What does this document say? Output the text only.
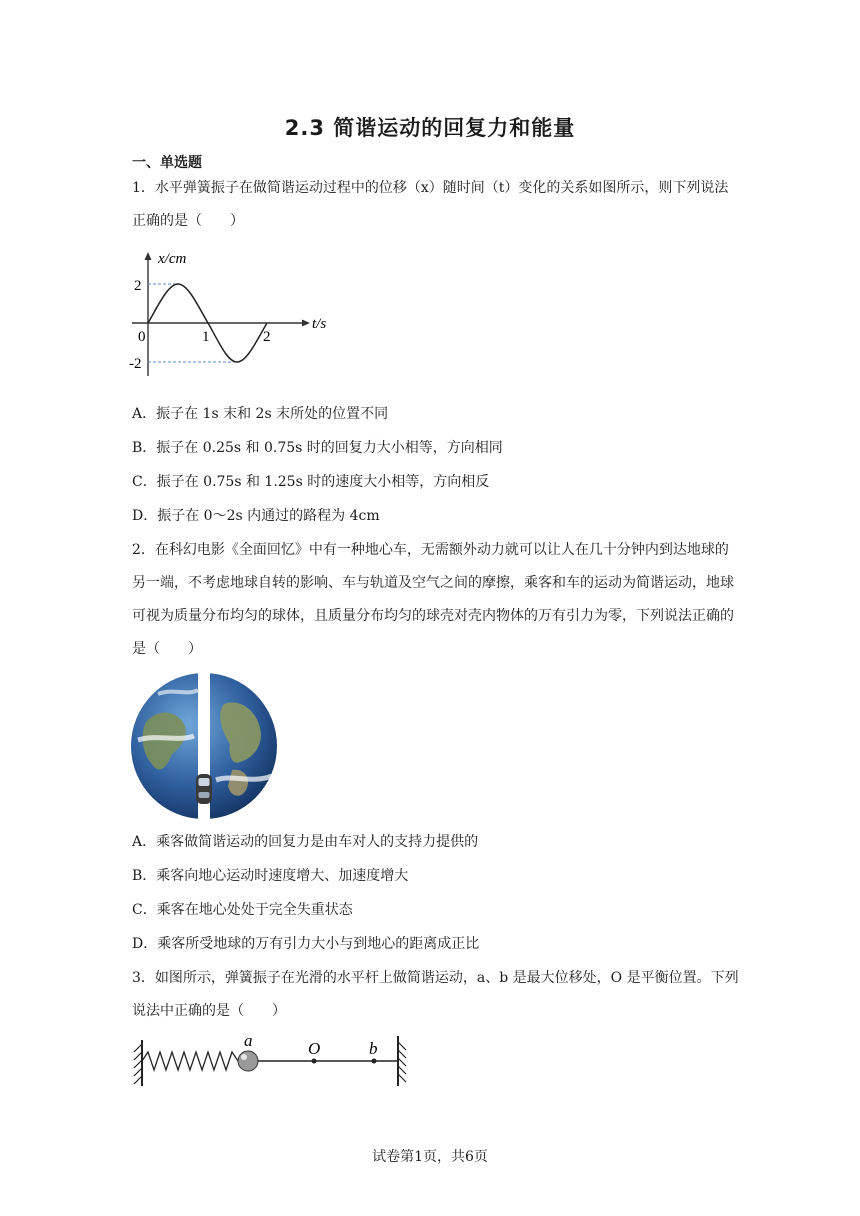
2.3 简谐运动的回复力和能量
一、单选题
1．水平弹簧振子在做简谐运动过程中的位移（x）随时间（t）变化的关系如图所示，则下列说法正确的是（　　）
x/cm
2
-2
0	1	2
t/s
A．振子在 1s 末和 2s 末所处的位置不同
B．振子在 0.25s 和 0.75s 时的回复力大小相等，方向相同
C．振子在 0.75s 和 1.25s 时的速度大小相等，方向相反
D．振子在 0～2s 内通过的路程为 4cm
2．在科幻电影《全面回忆》中有一种地心车，无需额外动力就可以让人在几十分钟内到达地球的另一端，不考虑地球自转的影响、车与轨道及空气之间的摩擦，乘客和车的运动为简谐运动，地球可视为质量分布均匀的球体，且质量分布均匀的球壳对壳内物体的万有引力为零，下列说法正确的是（　　）
A．乘客做简谐运动的回复力是由车对人的支持力提供的
B．乘客向地心运动时速度增大、加速度增大
C．乘客在地心处处于完全失重状态
D．乘客所受地球的万有引力大小与到地心的距离成正比
3．如图所示，弹簧振子在光滑的水平杆上做简谐运动，a、b 是最大位移处，O 是平衡位置。下列说法中正确的是（　　）
a	O	b
试卷第1页，共6页
